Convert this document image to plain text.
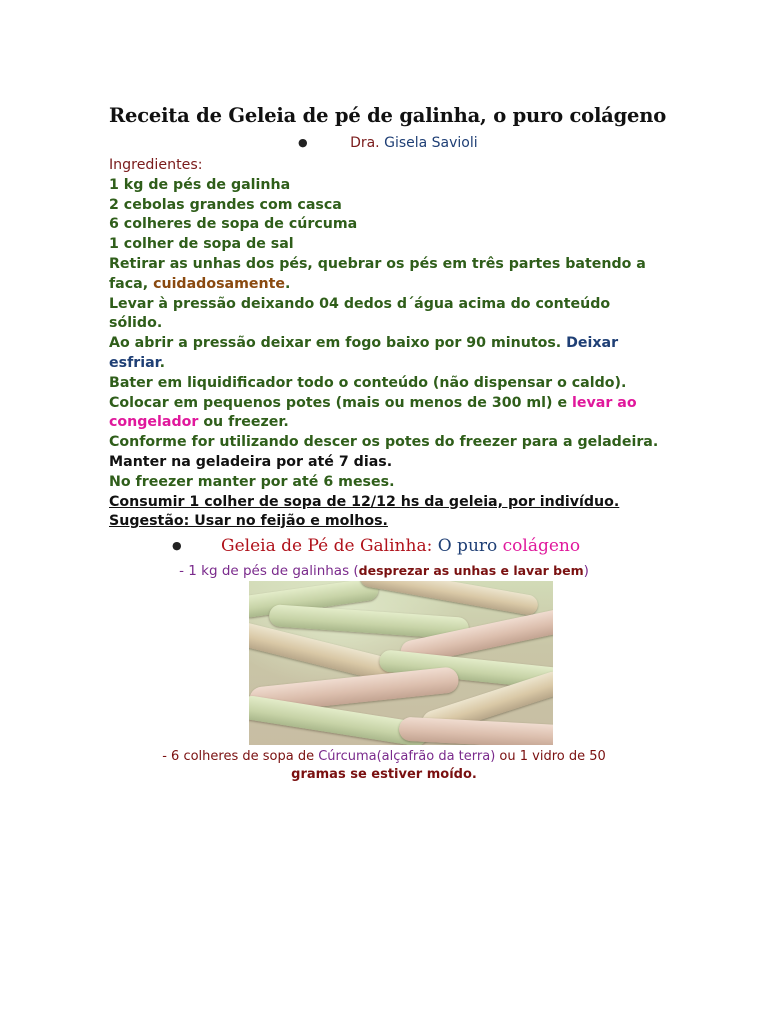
Receita de Geleia de pé de galinha, o puro colágeno
●	Dra. Gisela Savioli
Ingredientes:
1 kg de pés de galinha
2 cebolas grandes com casca
6 colheres de sopa de cúrcuma
1 colher de sopa de sal
Retirar as unhas dos pés, quebrar os pés em três partes batendo a
faca, cuidadosamente.
Levar à pressão deixando 04 dedos d´água acima do conteúdo
sólido.
Ao abrir a pressão deixar em fogo baixo por 90 minutos. Deixar
esfriar.
Bater em liquidificador todo o conteúdo (não dispensar o caldo).
Colocar em pequenos potes (mais ou menos de 300 ml) e levar ao
congelador ou freezer.
Conforme for utilizando descer os potes do freezer para a geladeira.
Manter na geladeira por até 7 dias.
No freezer manter por até 6 meses.
Consumir 1 colher de sopa de 12/12 hs da geleia, por indivíduo.
Sugestão: Usar no feijão e molhos.
● Geleia de Pé de Galinha: O puro colágeno
- 1 kg de pés de galinhas (desprezar as unhas e lavar bem)
- 6 colheres de sopa de Cúrcuma(alçafrão da terra) ou 1 vidro de 50
gramas se estiver moído.
